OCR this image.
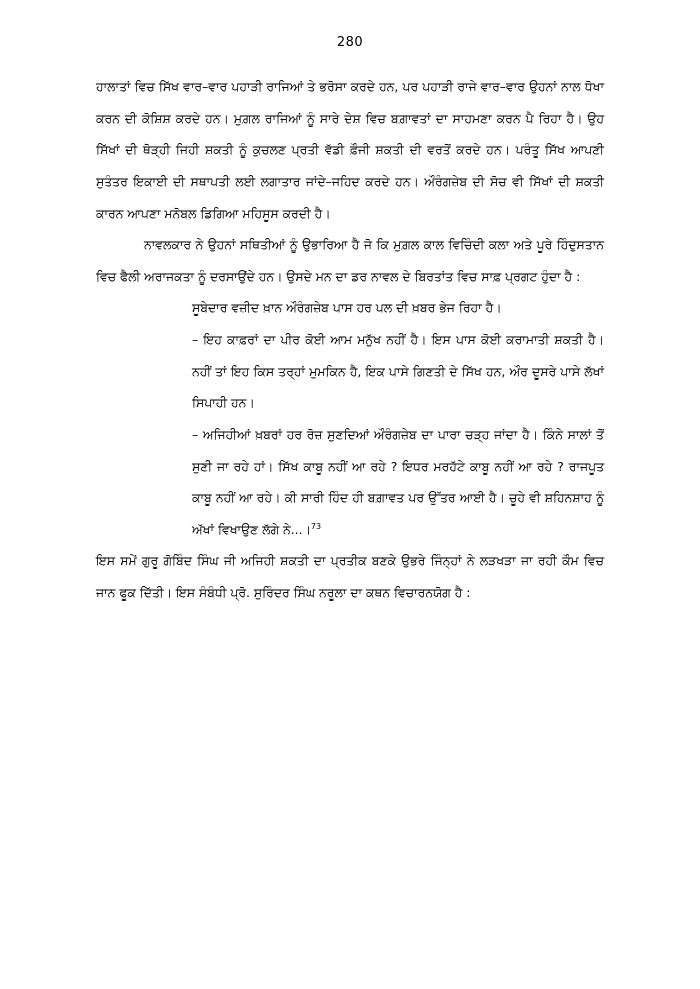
280

ਹਾਲਾਤਾਂ ਵਿਚ ਸਿੱਖ ਵਾਰ–ਵਾਰ ਪਹਾੜੀ ਰਾਜਿਆਂ ਤੇ ਭਰੋਸਾ ਕਰਦੇ ਹਨ, ਪਰ ਪਹਾੜੀ ਰਾਜੇ ਵਾਰ–ਵਾਰ ਉਹਨਾਂ ਨਾਲ ਧੋਖਾ ਕਰਨ ਦੀ ਕੋਸ਼ਿਸ਼ ਕਰਦੇ ਹਨ। ਮੁਗ਼ਲ ਰਾਜਿਆਂ ਨੂੰ ਸਾਰੇ ਦੇਸ਼ ਵਿਚ ਬਗ਼ਾਵਤਾਂ ਦਾ ਸਾਹਮਣਾ ਕਰਨ ਪੈ ਰਿਹਾ ਹੈ। ਉਹ ਸਿੱਖਾਂ ਦੀ ਥੋੜ੍ਹੀ ਜਿਹੀ ਸ਼ਕਤੀ ਨੂੰ ਕੁਚਲਣ ਪ੍ਰਤੀ ਵੱਡੀ ਫ਼ੌਜੀ ਸ਼ਕਤੀ ਦੀ ਵਰਤੋਂ ਕਰਦੇ ਹਨ। ਪਰੰਤੂ ਸਿੱਖ ਆਪਣੀ ਸੁਤੰਤਰ ਇਕਾਈ ਦੀ ਸਥਾਪਤੀ ਲਈ ਲਗਾਤਾਰ ਜਾਂਦੇ–ਜਹਿਦ ਕਰਦੇ ਹਨ। ਔਰੰਗਜ਼ੇਬ ਦੀ ਸੋਚ ਵੀ ਸਿੱਖਾਂ ਦੀ ਸ਼ਕਤੀ ਕਾਰਨ ਆਪਣਾ ਮਨੋਬਲ ਡਿਗਿਆ ਮਹਿਸੂਸ ਕਰਦੀ ਹੈ।

ਨਾਵਲਕਾਰ ਨੇ ਉਹਨਾਂ ਸਥਿਤੀਆਂ ਨੂੰ ਉਭਾਰਿਆ ਹੈ ਜੋ ਕਿ ਮੁਗ਼ਲ ਕਾਲ ਵਿਚਿੰਦੀ ਕਲਾ ਅਤੇ ਪੂਰੇ ਹਿੰਦੁਸਤਾਨ ਵਿਚ ਫੈਲੀ ਅਰਾਜਕਤਾ ਨੂੰ ਦਰਸਾਉਂਦੇ ਹਨ। ਉਸਦੇ ਮਨ ਦਾ ਡਰ ਨਾਵਲ ਦੇ ਬਿਰਤਾਂਤ ਵਿਚ ਸਾਫ਼ ਪ੍ਰਗਟ ਹੁੰਦਾ ਹੈ :

ਸੂਬੇਦਾਰ ਵਜ਼ੀਦ ਖ਼ਾਨ ਔਰੰਗਜ਼ੇਬ ਪਾਸ ਹਰ ਪਲ ਦੀ ਖ਼ਬਰ ਭੇਜ ਰਿਹਾ ਹੈ।

– ਇਹ ਕਾਫ਼ਰਾਂ ਦਾ ਪੀਰ ਕੋਈ ਆਮ ਮਨੁੱਖ ਨਹੀਂ ਹੈ। ਇਸ ਪਾਸ ਕੋਈ ਕਰਾਮਾਤੀ ਸ਼ਕਤੀ ਹੈ। ਨਹੀਂ ਤਾਂ ਇਹ ਕਿਸ ਤਰ੍ਹਾਂ ਮੁਮਕਿਨ ਹੈ, ਇਕ ਪਾਸੇ ਗਿਣਤੀ ਦੇ ਸਿੱਖ ਹਨ, ਔਰ ਦੂਸਰੇ ਪਾਸੇ ਲੱਖਾਂ ਸਿਪਾਹੀ ਹਨ।

– ਅਜਿਹੀਆਂ ਖ਼ਬਰਾਂ ਹਰ ਰੋਜ਼ ਸੁਣਦਿਆਂ ਔਰੰਗਜ਼ੇਬ ਦਾ ਪਾਰਾ ਚੜ੍ਹ ਜਾਂਦਾ ਹੈ। ਕਿੰਨੇ ਸਾਲਾਂ ਤੋਂ ਸੁਣੀ ਜਾ ਰਹੇ ਹਾਂ। ਸਿੱਖ ਕਾਬੂ ਨਹੀਂ ਆ ਰਹੇ ? ਇਧਰ ਮਰਹੱਟੇ ਕਾਬੂ ਨਹੀਂ ਆ ਰਹੇ ? ਰਾਜਪੂਤ ਕਾਬੂ ਨਹੀਂ ਆ ਰਹੇ। ਕੀ ਸਾਰੀ ਹਿੰਦ ਹੀ ਬਗ਼ਾਵਤ ਪਰ ਉੱਤਰ ਆਈ ਹੈ। ਚੂਹੇ ਵੀ ਸ਼ਹਿਨਸ਼ਾਹ ਨੂੰ ਅੱਖਾਂ ਵਿਖਾਉਣ ਲੱਗੇ ਨੇ...।$^{73}$

ਇਸ ਸਮੇਂ ਗੁਰੂ ਗੋਬਿੰਦ ਸਿੰਘ ਜੀ ਅਜਿਹੀ ਸ਼ਕਤੀ ਦਾ ਪ੍ਰਤੀਕ ਬਣਕੇ ਉਭਰੇ ਜਿੰਨ੍ਹਾਂ ਨੇ ਲੜਖੜਾ ਜਾ ਰਹੀ ਕੌਮ ਵਿਚ ਜਾਨ ਫੂਕ ਦਿੱਤੀ। ਇਸ ਸੰਬੰਧੀ ਪ੍ਰੋ. ਸੁਰਿੰਦਰ ਸਿੰਘ ਨਰੂਲਾ ਦਾ ਕਥਨ ਵਿਚਾਰਨਯੋਗ ਹੈ :
